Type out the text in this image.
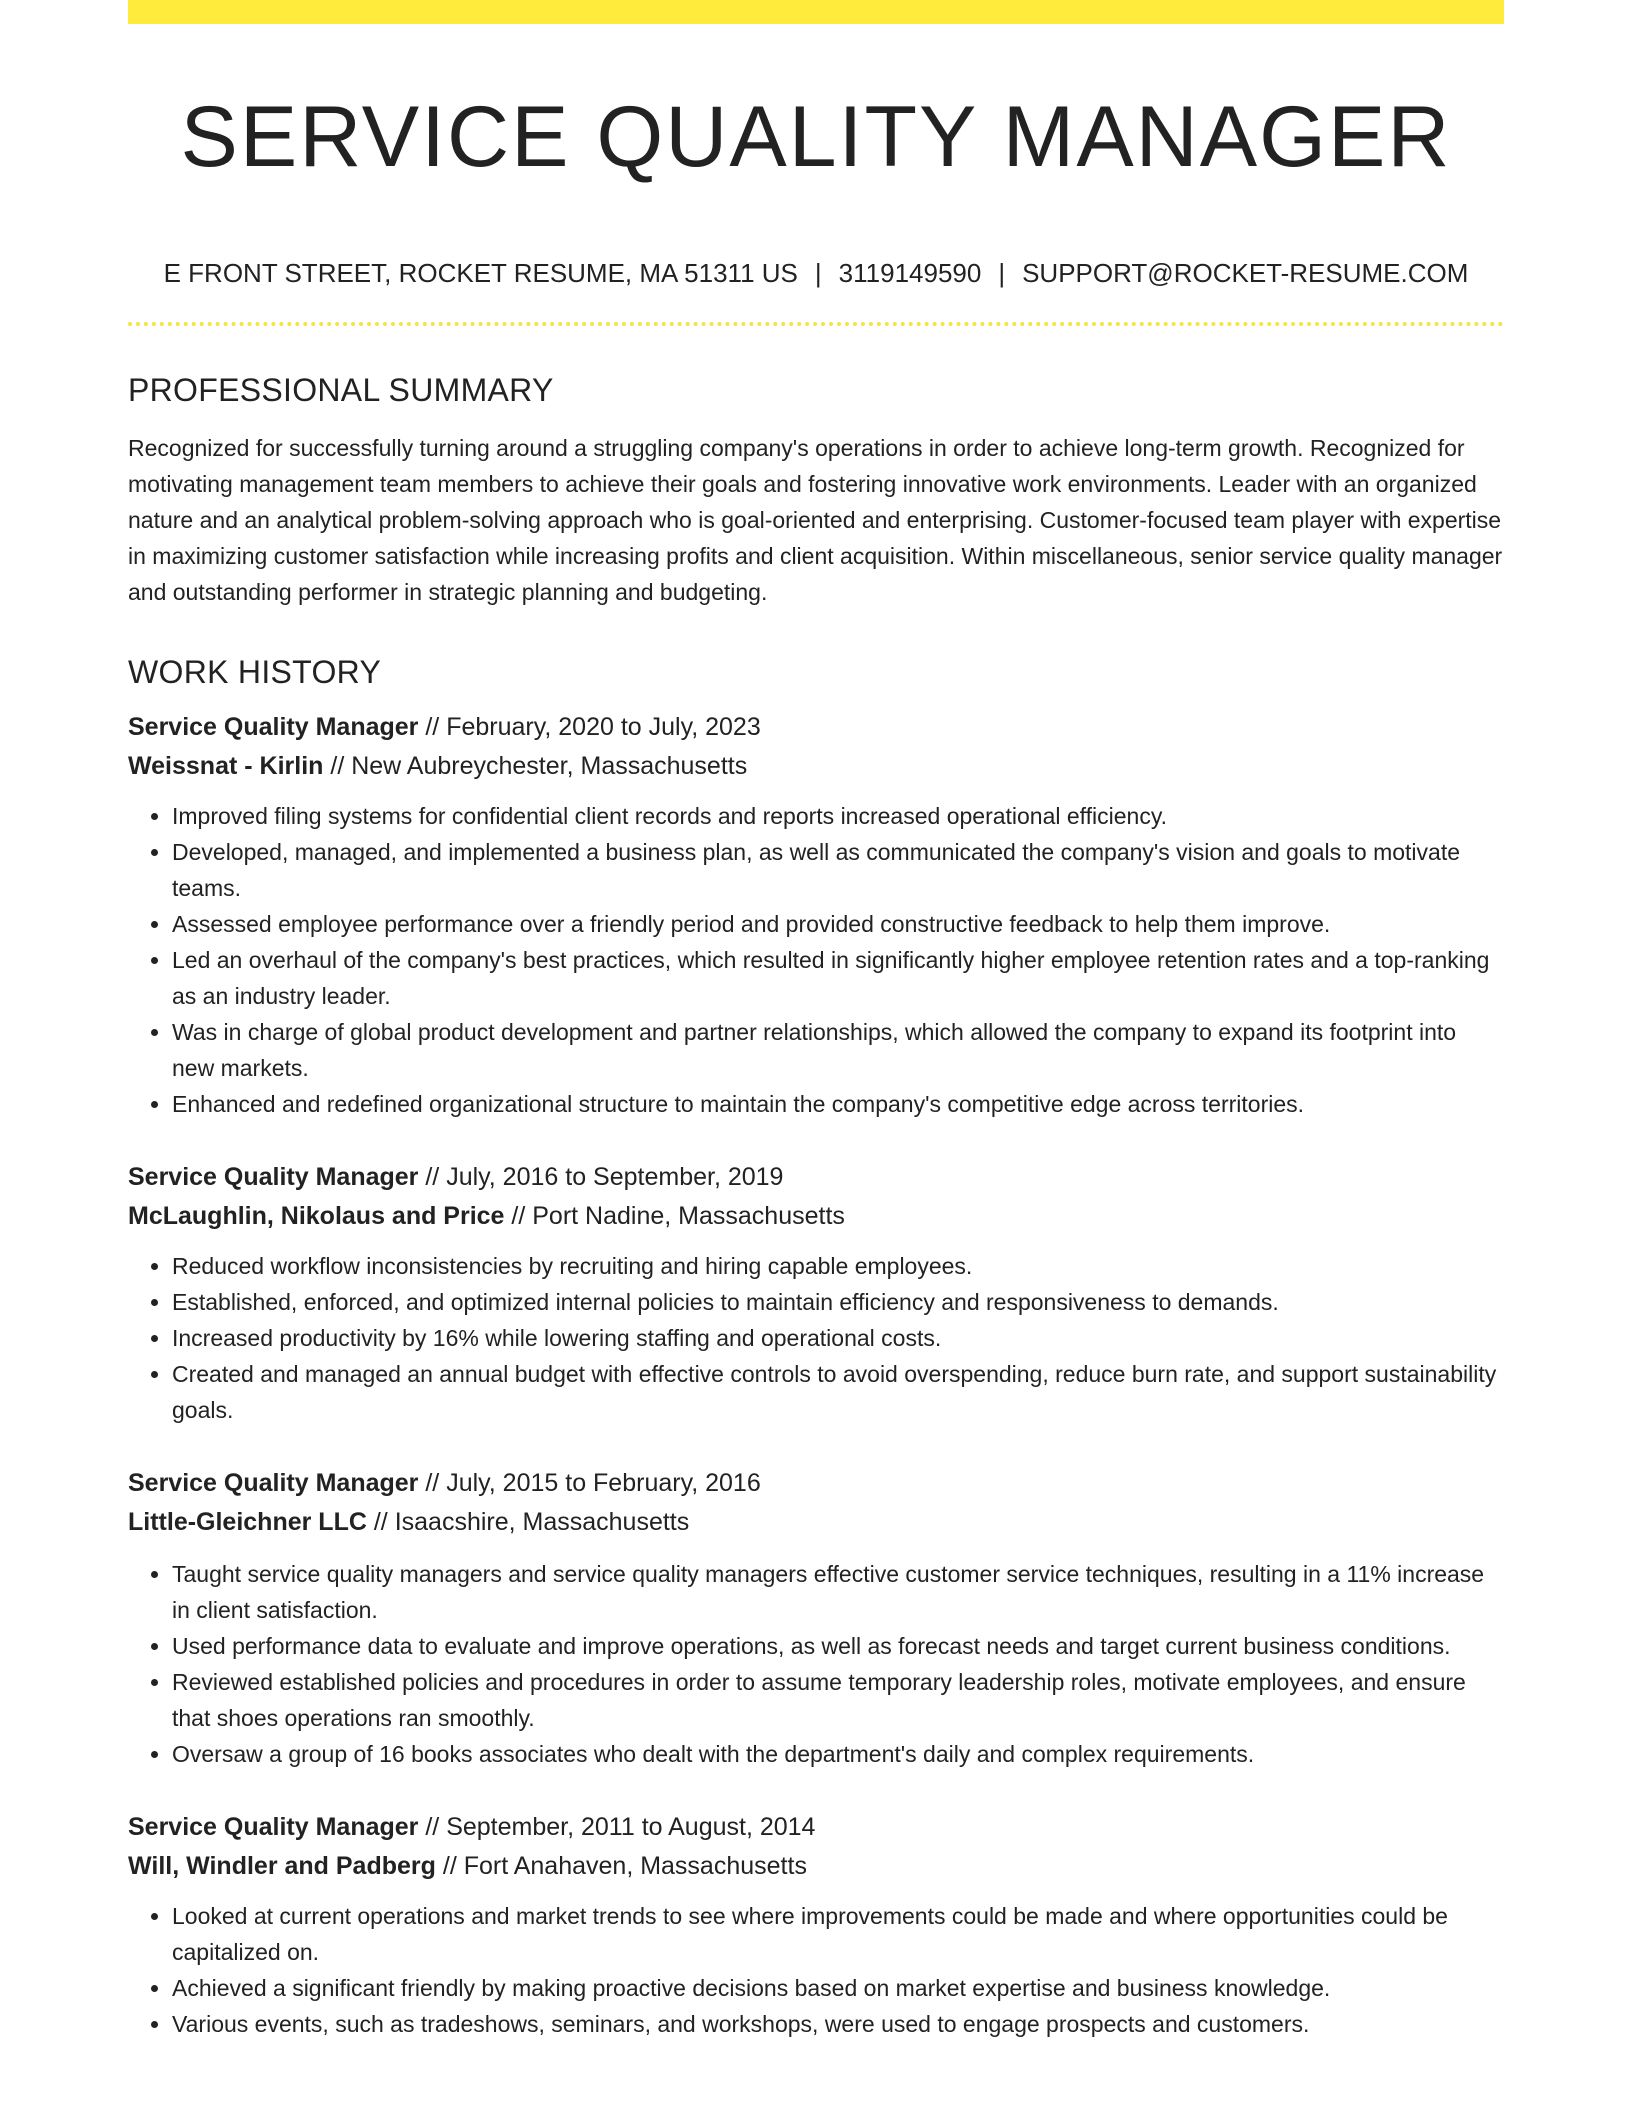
SERVICE QUALITY MANAGER
E FRONT STREET, ROCKET RESUME, MA 51311 US | 3119149590 | SUPPORT@ROCKET-RESUME.COM
PROFESSIONAL SUMMARY
Recognized for successfully turning around a struggling company's operations in order to achieve long-term growth. Recognized for motivating management team members to achieve their goals and fostering innovative work environments. Leader with an organized nature and an analytical problem-solving approach who is goal-oriented and enterprising. Customer-focused team player with expertise in maximizing customer satisfaction while increasing profits and client acquisition. Within miscellaneous, senior service quality manager and outstanding performer in strategic planning and budgeting.
WORK HISTORY
Service Quality Manager // February, 2020 to July, 2023
Weissnat - Kirlin // New Aubreychester, Massachusetts
• Improved filing systems for confidential client records and reports increased operational efficiency.
• Developed, managed, and implemented a business plan, as well as communicated the company's vision and goals to motivate teams.
• Assessed employee performance over a friendly period and provided constructive feedback to help them improve.
• Led an overhaul of the company's best practices, which resulted in significantly higher employee retention rates and a top-ranking as an industry leader.
• Was in charge of global product development and partner relationships, which allowed the company to expand its footprint into new markets.
• Enhanced and redefined organizational structure to maintain the company's competitive edge across territories.
Service Quality Manager // July, 2016 to September, 2019
McLaughlin, Nikolaus and Price // Port Nadine, Massachusetts
• Reduced workflow inconsistencies by recruiting and hiring capable employees.
• Established, enforced, and optimized internal policies to maintain efficiency and responsiveness to demands.
• Increased productivity by 16% while lowering staffing and operational costs.
• Created and managed an annual budget with effective controls to avoid overspending, reduce burn rate, and support sustainability goals.
Service Quality Manager // July, 2015 to February, 2016
Little-Gleichner LLC // Isaacshire, Massachusetts
• Taught service quality managers and service quality managers effective customer service techniques, resulting in a 11% increase in client satisfaction.
• Used performance data to evaluate and improve operations, as well as forecast needs and target current business conditions.
• Reviewed established policies and procedures in order to assume temporary leadership roles, motivate employees, and ensure that shoes operations ran smoothly.
• Oversaw a group of 16 books associates who dealt with the department's daily and complex requirements.
Service Quality Manager // September, 2011 to August, 2014
Will, Windler and Padberg // Fort Anahaven, Massachusetts
• Looked at current operations and market trends to see where improvements could be made and where opportunities could be capitalized on.
• Achieved a significant friendly by making proactive decisions based on market expertise and business knowledge.
• Various events, such as tradeshows, seminars, and workshops, were used to engage prospects and customers.
